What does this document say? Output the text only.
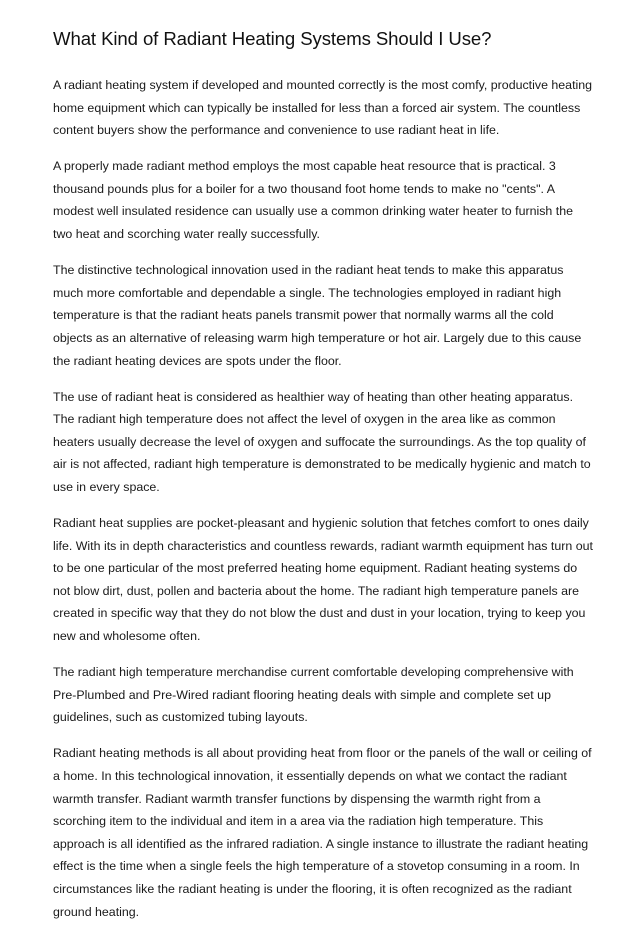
What Kind of Radiant Heating Systems Should I Use?

A radiant heating system if developed and mounted correctly is the most comfy, productive heating home equipment which can typically be installed for less than a forced air system. The countless content buyers show the performance and convenience to use radiant heat in life.

A properly made radiant method employs the most capable heat resource that is practical. 3 thousand pounds plus for a boiler for a two thousand foot home tends to make no "cents". A modest well insulated residence can usually use a common drinking water heater to furnish the two heat and scorching water really successfully.

The distinctive technological innovation used in the radiant heat tends to make this apparatus much more comfortable and dependable a single. The technologies employed in radiant high temperature is that the radiant heats panels transmit power that normally warms all the cold objects as an alternative of releasing warm high temperature or hot air. Largely due to this cause the radiant heating devices are spots under the floor.

The use of radiant heat is considered as healthier way of heating than other heating apparatus. The radiant high temperature does not affect the level of oxygen in the area like as common heaters usually decrease the level of oxygen and suffocate the surroundings. As the top quality of air is not affected, radiant high temperature is demonstrated to be medically hygienic and match to use in every space.

Radiant heat supplies are pocket-pleasant and hygienic solution that fetches comfort to ones daily life. With its in depth characteristics and countless rewards, radiant warmth equipment has turn out to be one particular of the most preferred heating home equipment. Radiant heating systems do not blow dirt, dust, pollen and bacteria about the home. The radiant high temperature panels are created in specific way that they do not blow the dust and dust in your location, trying to keep you new and wholesome often.

The radiant high temperature merchandise current comfortable developing comprehensive with Pre-Plumbed and Pre-Wired radiant flooring heating deals with simple and complete set up guidelines, such as customized tubing layouts.

Radiant heating methods is all about providing heat from floor or the panels of the wall or ceiling of a home. In this technological innovation, it essentially depends on what we contact the radiant warmth transfer. Radiant warmth transfer functions by dispensing the warmth right from a scorching item to the individual and item in a area via the radiation high temperature. This approach is all identified as the infrared radiation. A single instance to illustrate the radiant heating effect is the time when a single feels the high temperature of a stovetop consuming in a room. In circumstances like the radiant heating is under the flooring, it is often recognized as the radiant ground heating.
